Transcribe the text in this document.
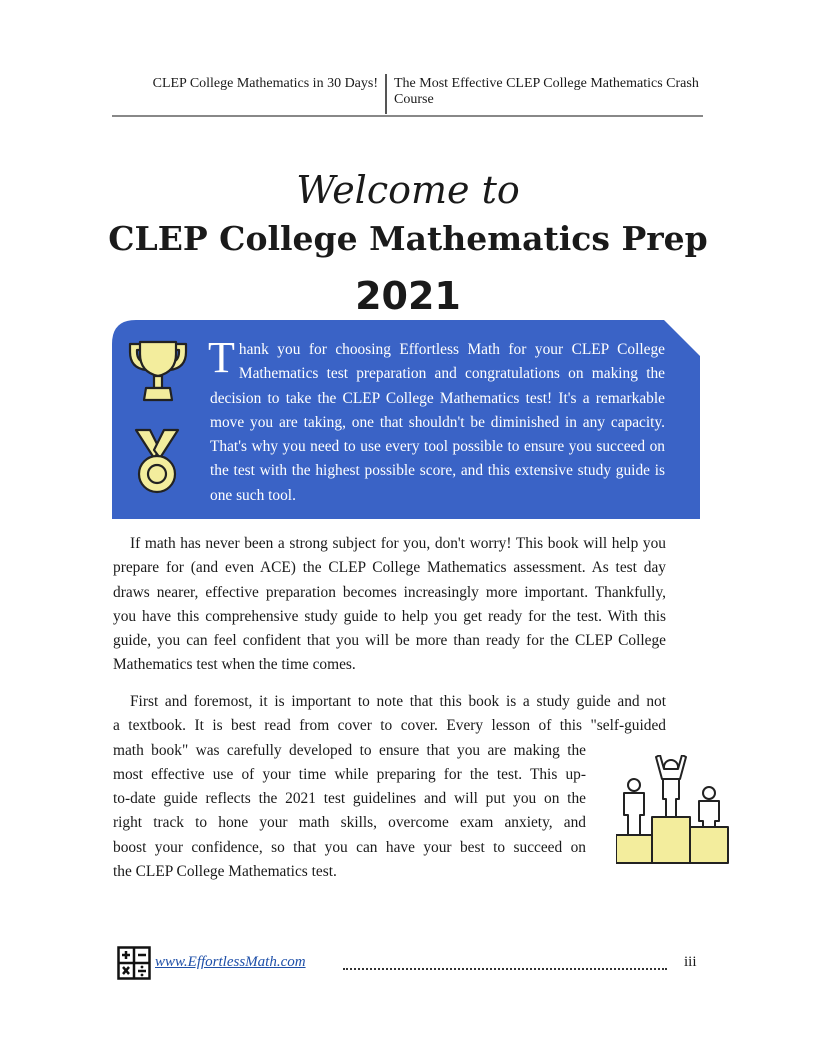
CLEP College Mathematics in 30 Days! The Most Effective CLEP College Mathematics Crash Course
Welcome to
CLEP College Mathematics Prep
2021
Thank you for choosing Effortless Math for your CLEP College Mathematics test preparation and congratulations on making the decision to take the CLEP College Mathematics test! It's a remarkable move you are taking, one that shouldn't be diminished in any capacity. That's why you need to use every tool possible to ensure you succeed on the test with the highest possible score, and this extensive study guide is one such tool.

If math has never been a strong subject for you, don't worry! This book will help you prepare for (and even ACE) the CLEP College Mathematics assessment. As test day draws nearer, effective preparation becomes increasingly more important. Thankfully, you have this comprehensive study guide to help you get ready for the test. With this guide, you can feel confident that you will be more than ready for the CLEP College Mathematics test when the time comes.

First and foremost, it is important to note that this book is a study guide and not
a textbook. It is best read from cover to cover. Every lesson of this "self-guided
math book" was carefully developed to ensure that you are making the
most effective use of your time while preparing for the test. This up-
to-date guide reflects the 2021 test guidelines and will put you on the
right track to hone your math skills, overcome exam anxiety, and
boost your confidence, so that you can have your best to succeed on
the CLEP College Mathematics test.
www.EffortlessMath.com	iii
